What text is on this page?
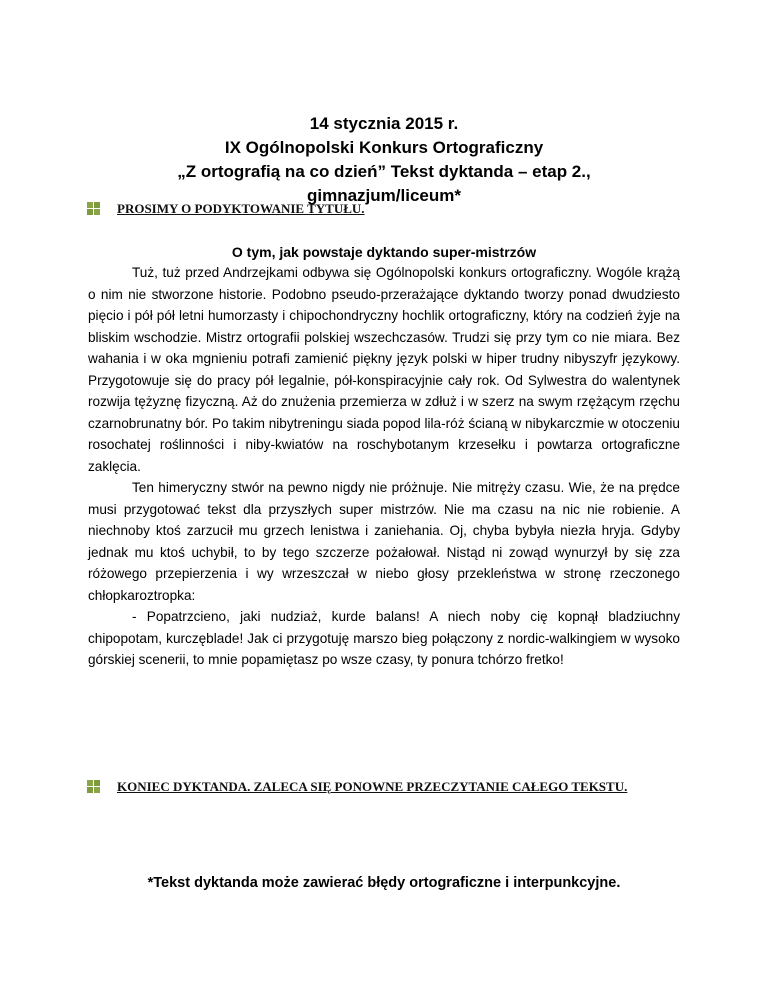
14 stycznia 2015 r.
IX Ogólnopolski Konkurs Ortograficzny
„Z ortografią na co dzień” Tekst dyktanda – etap 2.,
gimnazjum/liceum*
PROSIMY O PODYKTOWANIE TYTUŁU.
O tym, jak powstaje dyktando super-mistrzów

Tuż, tuż przed Andrzejkami odbywa się Ogólnopolski konkurs ortograficzny. Wogóle krążą o nim nie stworzone historie. Podobno pseudo-przerażające dyktando tworzy ponad dwudziesto pięcio i pół pół letni humorzasty i chipochondryczny hochlik ortograficzny, który na codzień żyje na bliskim wschodzie. Mistrz ortografii polskiej wszechczasów. Trudzi się przy tym co nie miara. Bez wahania i w oka mgnieniu potrafi zamienić piękny język polski w hiper trudny nibyszyfr językowy. Przygotowuje się do pracy pół legalnie, pół-konspiracyjnie cały rok. Od Sylwestra do walentynek rozwija tężyznę fizyczną. Aż do znużenia przemierza w zdłuż i w szerz na swym rzężącym rzęchu czarnobrunatny bór. Po takim nibytreningu siada popod lila-róż ścianą w nibykarczmie w otoczeniu rosochatej roślinności i niby-kwiatów na roschybotanym krzesełku i powtarza ortograficzne zaklęcia.

Ten himeryczny stwór na pewno nigdy nie próżnuje. Nie mitręży czasu. Wie, że na prędce musi przygotować tekst dla przyszłych super mistrzów. Nie ma czasu na nic nie robienie. A niechnoby ktoś zarzucił mu grzech lenistwa i zaniehania. Oj, chyba bybyła niezła hryja. Gdyby jednak mu ktoś uchybił, to by tego szczerze pożałował. Nistąd ni zowąd wynurzył by się zza różowego przepierzenia i wy wrzeszczał w niebo głosy przekleństwa w stronę rzeczonego chłopkaroztropka:

- Popatrzcieno, jaki nudziaż, kurde balans! A niech noby cię kopnął bladziuchny chipopotam, kurczęblade! Jak ci przygotuję marszo bieg połączony z nordic-walkingiem w wysoko górskiej scenerii, to mnie popamiętasz po wsze czasy, ty ponura tchórzo fretko!

KONIEC DYKTANDA. ZALECA SIĘ PONOWNE PRZECZYTANIE CAŁEGO TEKSTU.
*Tekst dyktanda może zawierać błędy ortograficzne i interpunkcyjne.
